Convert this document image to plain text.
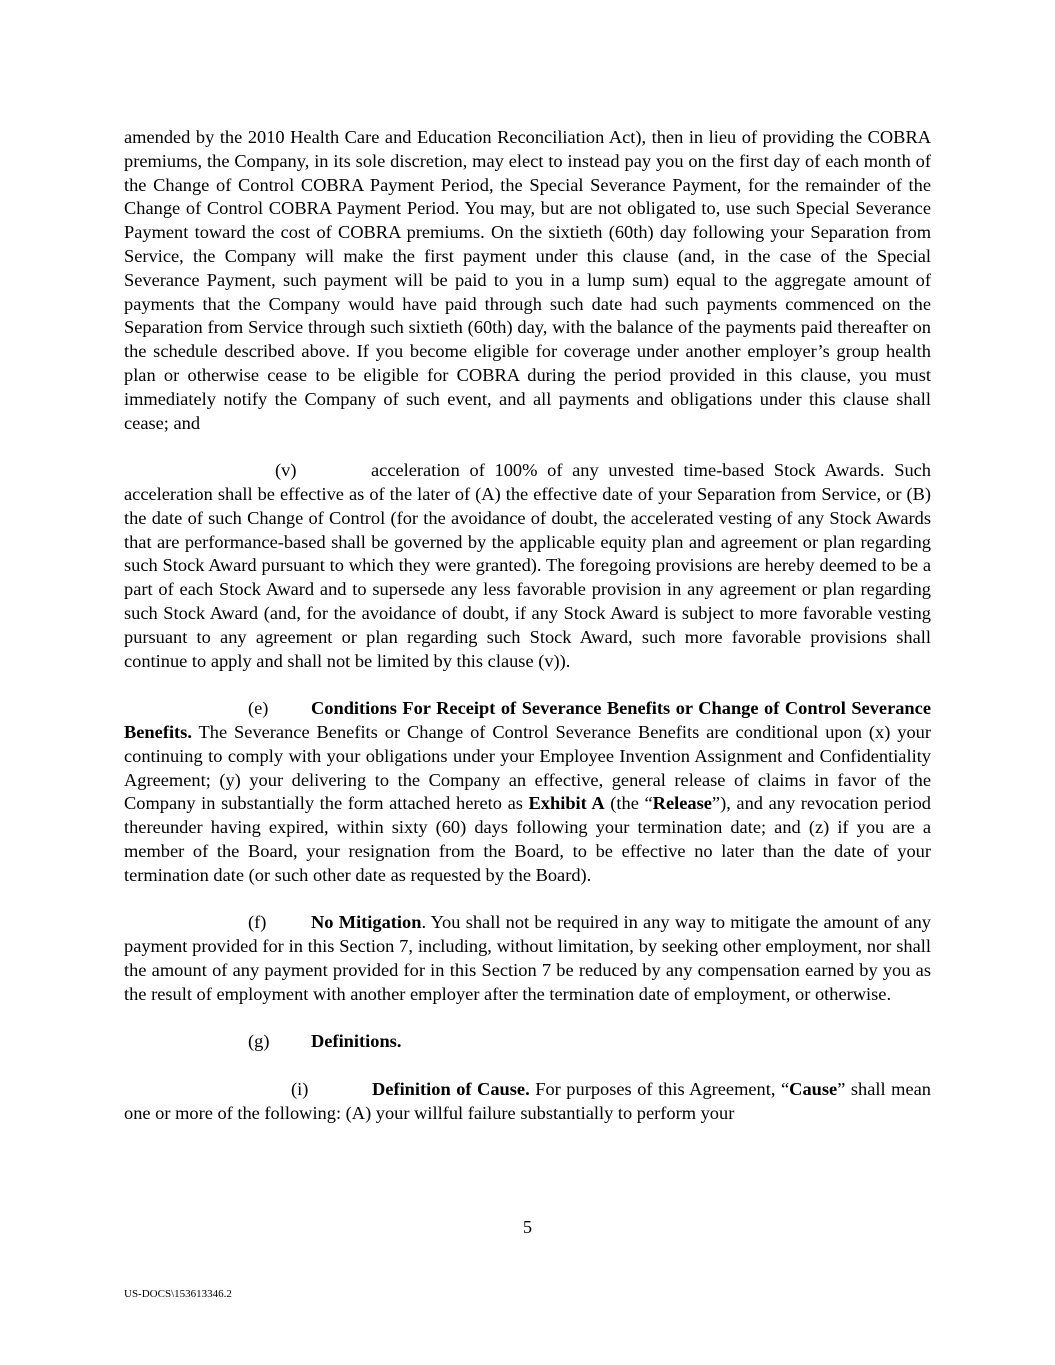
amended by the 2010 Health Care and Education Reconciliation Act), then in lieu of providing the COBRA premiums, the Company, in its sole discretion, may elect to instead pay you on the first day of each month of the Change of Control COBRA Payment Period, the Special Severance Payment, for the remainder of the Change of Control COBRA Payment Period. You may, but are not obligated to, use such Special Severance Payment toward the cost of COBRA premiums. On the sixtieth (60th) day following your Separation from Service, the Company will make the first payment under this clause (and, in the case of the Special Severance Payment, such payment will be paid to you in a lump sum) equal to the aggregate amount of payments that the Company would have paid through such date had such payments commenced on the Separation from Service through such sixtieth (60th) day, with the balance of the payments paid thereafter on the schedule described above. If you become eligible for coverage under another employer’s group health plan or otherwise cease to be eligible for COBRA during the period provided in this clause, you must immediately notify the Company of such event, and all payments and obligations under this clause shall cease; and

(v)	acceleration of 100% of any unvested time-based Stock Awards. Such acceleration shall be effective as of the later of (A) the effective date of your Separation from Service, or (B) the date of such Change of Control (for the avoidance of doubt, the accelerated vesting of any Stock Awards that are performance-based shall be governed by the applicable equity plan and agreement or plan regarding such Stock Award pursuant to which they were granted). The foregoing provisions are hereby deemed to be a part of each Stock Award and to supersede any less favorable provision in any agreement or plan regarding such Stock Award (and, for the avoidance of doubt, if any Stock Award is subject to more favorable vesting pursuant to any agreement or plan regarding such Stock Award, such more favorable provisions shall continue to apply and shall not be limited by this clause (v)).

(e) Conditions For Receipt of Severance Benefits or Change of Control Severance Benefits. The Severance Benefits or Change of Control Severance Benefits are conditional upon (x) your continuing to comply with your obligations under your Employee Invention Assignment and Confidentiality Agreement; (y) your delivering to the Company an effective, general release of claims in favor of the Company in substantially the form attached hereto as Exhibit A (the “Release”), and any revocation period thereunder having expired, within sixty (60) days following your termination date; and (z) if you are a member of the Board, your resignation from the Board, to be effective no later than the date of your termination date (or such other date as requested by the Board).

(f) No Mitigation. You shall not be required in any way to mitigate the amount of any payment provided for in this Section 7, including, without limitation, by seeking other employment, nor shall the amount of any payment provided for in this Section 7 be reduced by any compensation earned by you as the result of employment with another employer after the termination date of employment, or otherwise.

(g) Definitions.

(i)	Definition of Cause. For purposes of this Agreement, “Cause” shall mean one or more of the following: (A) your willful failure substantially to perform your

5
US-DOCS\153613346.2
